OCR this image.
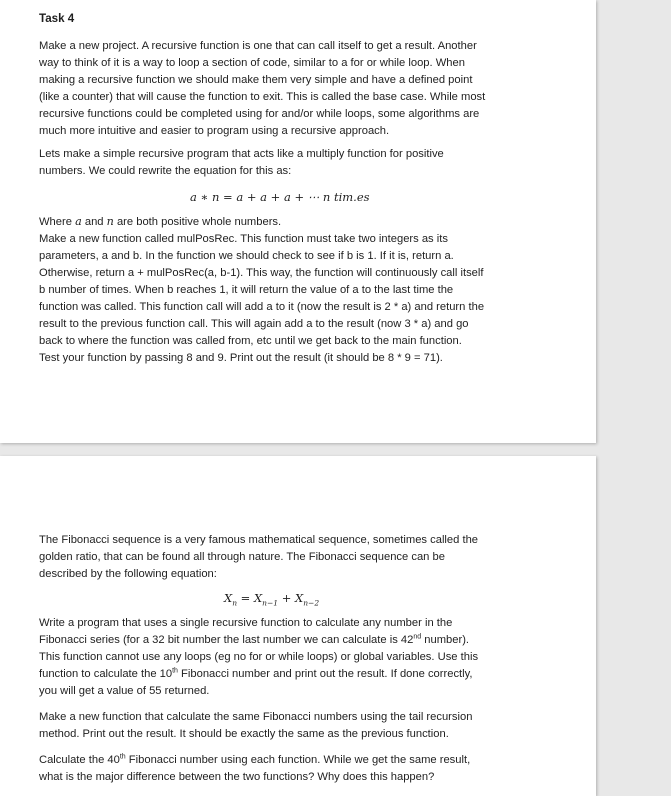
Task 4

Make a new project. A recursive function is one that can call itself to get a result. Another
way to think of it is a way to loop a section of code, similar to a for or while loop. When
making a recursive function we should make them very simple and have a defined point
(like a counter) that will cause the function to exit. This is called the base case. While most
recursive functions could be completed using for and/or while loops, some algorithms are
much more intuitive and easier to program using a recursive approach.
Lets make a simple recursive program that acts like a multiply function for positive
numbers. We could rewrite the equation for this as:
a ∗ n = a + a + a + ⋯ n tim.es
Where a and n are both positive whole numbers.
Make a new function called mulPosRec. This function must take two integers as its
parameters, a and b. In the function we should check to see if b is 1. If it is, return a.
Otherwise, return a + mulPosRec(a, b-1). This way, the function will continuously call itself
b number of times. When b reaches 1, it will return the value of a to the last time the
function was called. This function call will add a to it (now the result is 2 * a) and return the
result to the previous function call. This will again add a to the result (now 3 * a) and go
back to where the function was called from, etc until we get back to the main function.
Test your function by passing 8 and 9. Print out the result (it should be 8 * 9 = 71).
The Fibonacci sequence is a very famous mathematical sequence, sometimes called the
golden ratio, that can be found all through nature. The Fibonacci sequence can be
described by the following equation:
$X_n = X_{n-1} + X_{n-2}$
Write a program that uses a single recursive function to calculate any number in the
Fibonacci series (for a 32 bit number the last number we can calculate is 42nd number).
This function cannot use any loops (eg no for or while loops) or global variables. Use this
function to calculate the 10th Fibonacci number and print out the result. If done correctly,
you will get a value of 55 returned.
Make a new function that calculate the same Fibonacci numbers using the tail recursion
method. Print out the result. It should be exactly the same as the previous function.
Calculate the 40th Fibonacci number using each function. While we get the same result,
what is the major difference between the two functions? Why does this happen?
